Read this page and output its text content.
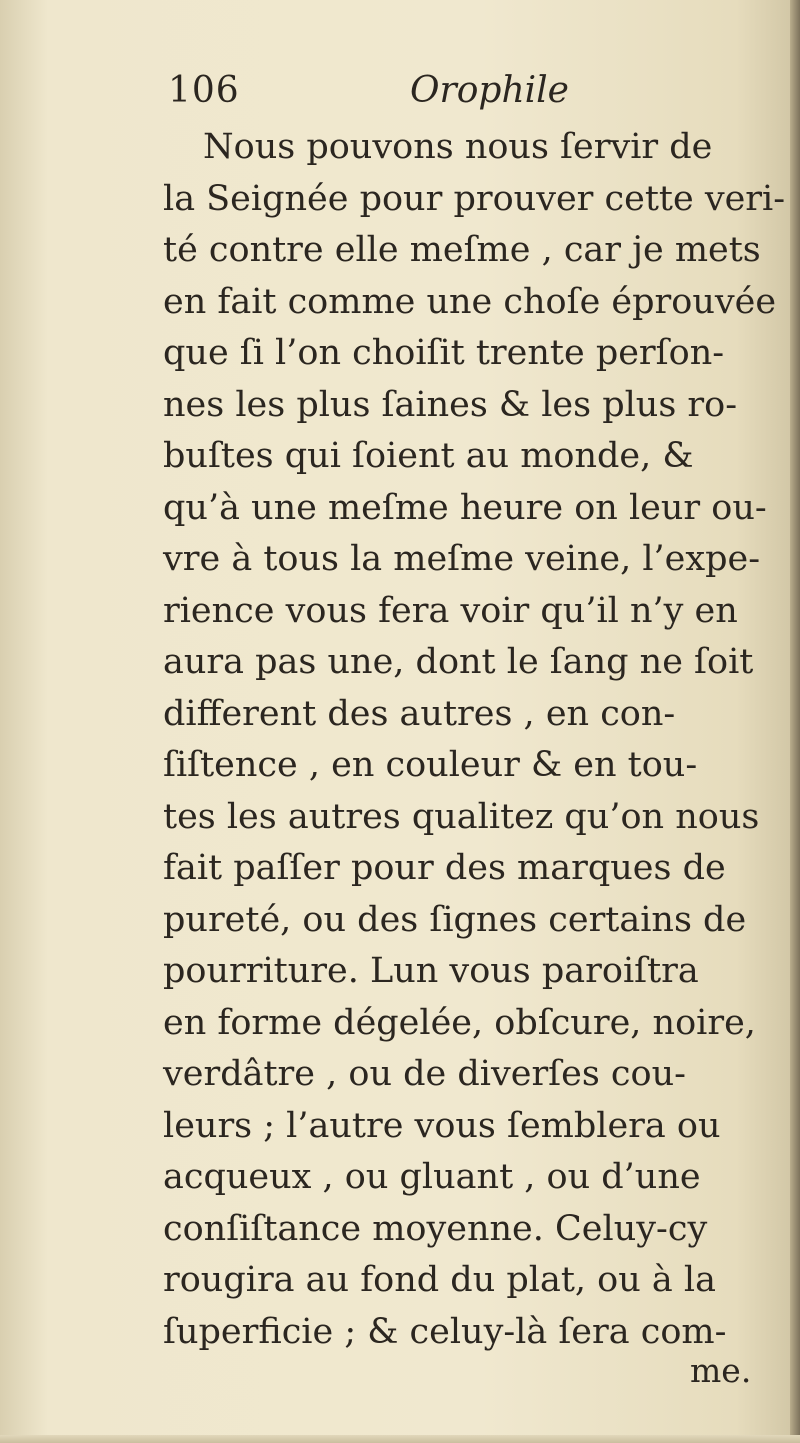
106	Orophile
Nous pouvons nous ſervir de
la Seignée pour prouver cette veri-
té contre elle meſme , car je mets
en fait comme une choſe éprouvée
que ſi l’on choiſit trente perſon-
nes les plus ſaines & les plus ro-
buſtes qui ſoient au monde, &
qu’à une meſme heure on leur ou-
vre à tous la meſme veine, l’expe-
rience vous fera voir qu’il n’y en
aura pas une, dont le ſang ne ſoit
different des autres , en con-
ſiſtence , en couleur & en tou-
tes les autres qualitez qu’on nous
fait paſſer pour des marques de
pureté, ou des ſignes certains de
pourriture. Lun vous paroiſtra
en forme dégelée, obſcure, noire,
verdâtre , ou de diverſes cou-
leurs ; l’autre vous ſemblera ou
acqueux , ou gluant , ou d’une
conſiſtance moyenne. Celuy-cy
rougira au fond du plat, ou à la
ſuperficie ; & celuy-là ſera com-
me.
